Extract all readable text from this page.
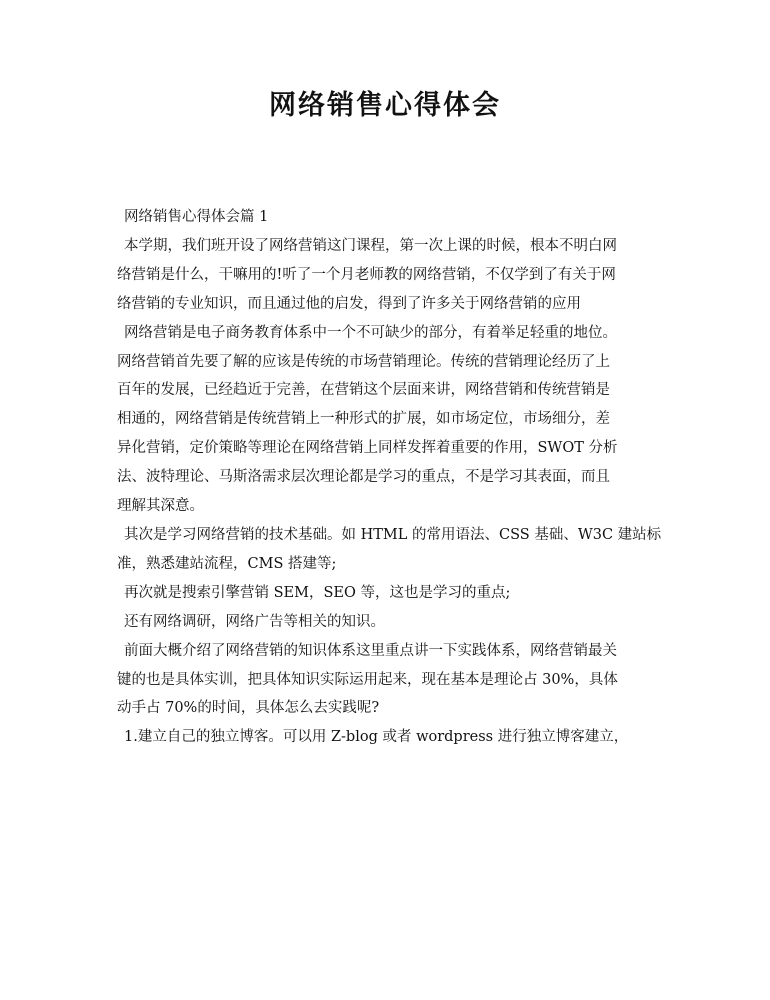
网络销售心得体会

网络销售心得体会篇 1

本学期，我们班开设了网络营销这门课程，第一次上课的时候，根本不明白网

络营销是什么，干嘛用的!听了一个月老师教的网络营销，不仅学到了有关于网

络营销的专业知识，而且通过他的启发，得到了许多关于网络营销的应用

网络营销是电子商务教育体系中一个不可缺少的部分，有着举足轻重的地位。

网络营销首先要了解的应该是传统的市场营销理论。传统的营销理论经历了上

百年的发展，已经趋近于完善，在营销这个层面来讲，网络营销和传统营销是

相通的，网络营销是传统营销上一种形式的扩展，如市场定位，市场细分，差

异化营销，定价策略等理论在网络营销上同样发挥着重要的作用，SWOT 分析

法、波特理论、马斯洛需求层次理论都是学习的重点，不是学习其表面，而且

理解其深意。

其次是学习网络营销的技术基础。如 HTML 的常用语法、CSS 基础、W3C 建站标

准，熟悉建站流程，CMS 搭建等;

再次就是搜索引擎营销 SEM，SEO 等，这也是学习的重点;

还有网络调研，网络广告等相关的知识。

前面大概介绍了网络营销的知识体系这里重点讲一下实践体系，网络营销最关

键的也是具体实训，把具体知识实际运用起来，现在基本是理论占 30%，具体

动手占 70%的时间，具体怎么去实践呢?

1.建立自己的独立博客。可以用 Z-blog 或者 wordpress 进行独立博客建立，
